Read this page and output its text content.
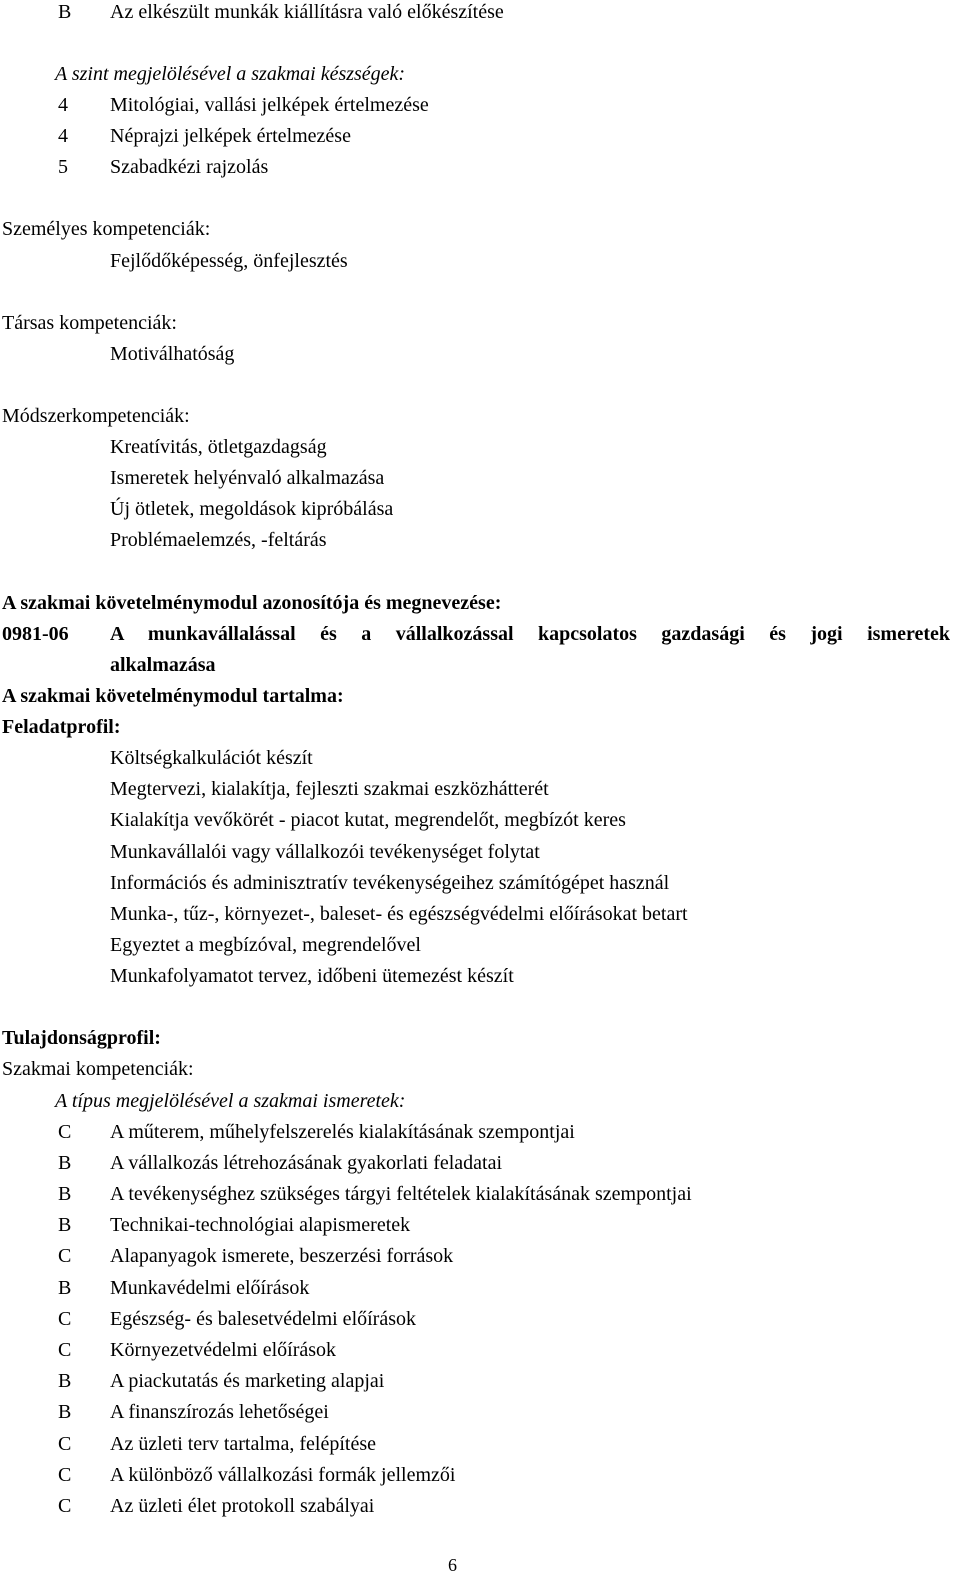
B Az elkészült munkák kiállításra való előkészítése
A szint megjelölésével a szakmai készségek:
4 Mitológiai, vallási jelképek értelmezése
4 Néprajzi jelképek értelmezése
5 Szabadkézi rajzolás
Személyes kompetenciák:
Fejlődőképesség, önfejlesztés
Társas kompetenciák:
Motiválhatóság
Módszerkompetenciák:
Kreatívitás, ötletgazdagság
Ismeretek helyénvaló alkalmazása
Új ötletek, megoldások kipróbálása
Problémaelemzés, -feltárás
A szakmai követelménymodul azonosítója és megnevezése:
0981-06 A munkavállalással és a vállalkozással kapcsolatos gazdasági és jogi ismeretek
alkalmazása
A szakmai követelménymodul tartalma:
Feladatprofil:
Költségkalkulációt készít
Megtervezi, kialakítja, fejleszti szakmai eszközhátterét
Kialakítja vevőkörét - piacot kutat, megrendelőt, megbízót keres
Munkavállalói vagy vállalkozói tevékenységet folytat
Információs és adminisztratív tevékenységeihez számítógépet használ
Munka-, tűz-, környezet-, baleset- és egészségvédelmi előírásokat betart
Egyeztet a megbízóval, megrendelővel
Munkafolyamatot tervez, időbeni ütemezést készít
Tulajdonságprofil:
Szakmai kompetenciák:
A típus megjelölésével a szakmai ismeretek:
C A műterem, műhelyfelszerelés kialakításának szempontjai
B A vállalkozás létrehozásának gyakorlati feladatai
B A tevékenységhez szükséges tárgyi feltételek kialakításának szempontjai
B Technikai-technológiai alapismeretek
C Alapanyagok ismerete, beszerzési források
B Munkavédelmi előírások
C Egészség- és balesetvédelmi előírások
C Környezetvédelmi előírások
B A piackutatás és marketing alapjai
B A finanszírozás lehetőségei
C Az üzleti terv tartalma, felépítése
C A különböző vállalkozási formák jellemzői
C Az üzleti élet protokoll szabályai
6
